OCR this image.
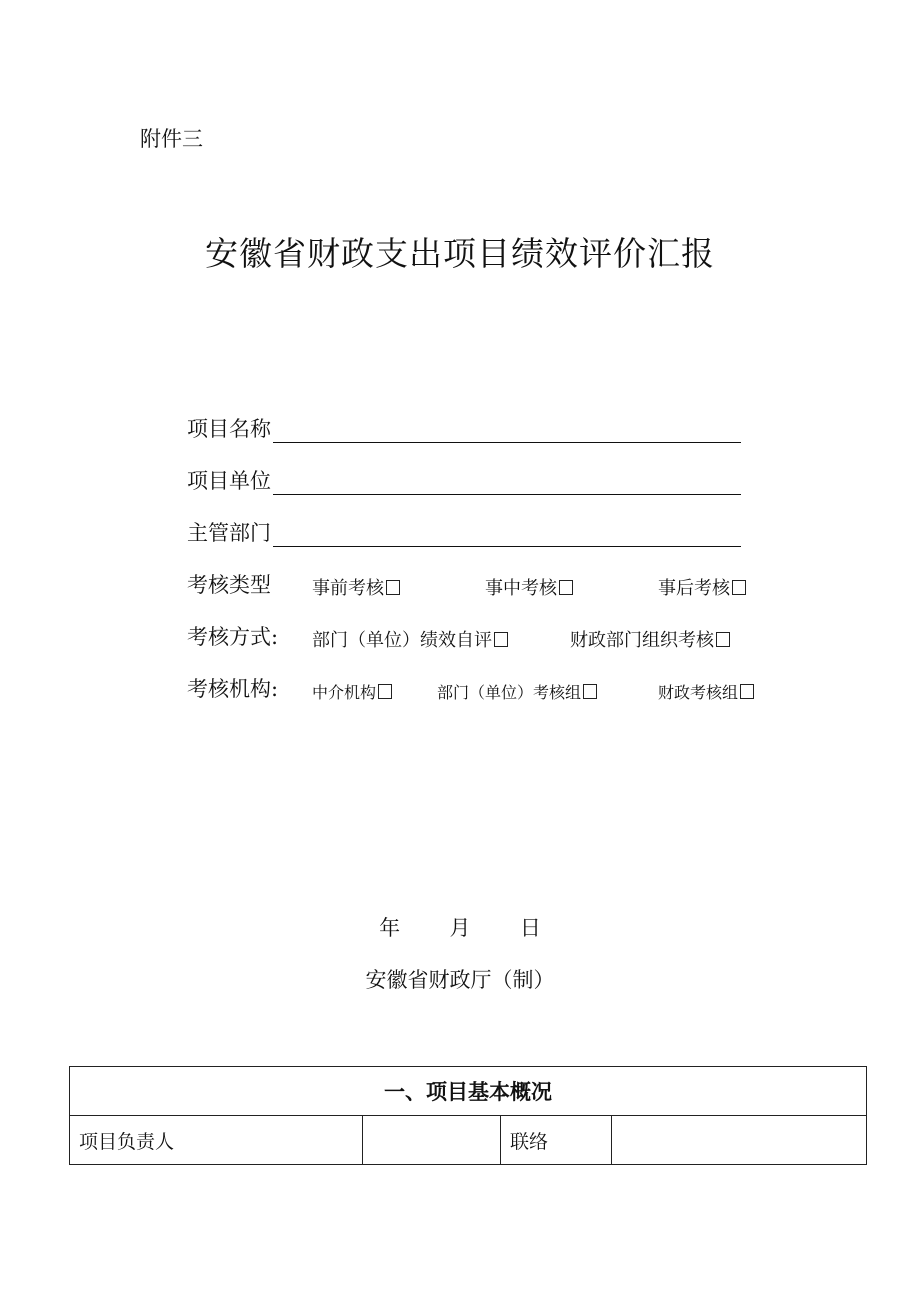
附件三
安徽省财政支出项目绩效评价汇报
项目名称
项目单位
主管部门
考核类型 事前考核	事中考核	事后考核
考核方式: 部门（单位）绩效自评	财政部门组织考核
考核机构: 中介机构	部门（单位）考核组	财政考核组
年  月  日
安徽省财政厅（制）
一、项目基本概况
项目负责人		联络	
